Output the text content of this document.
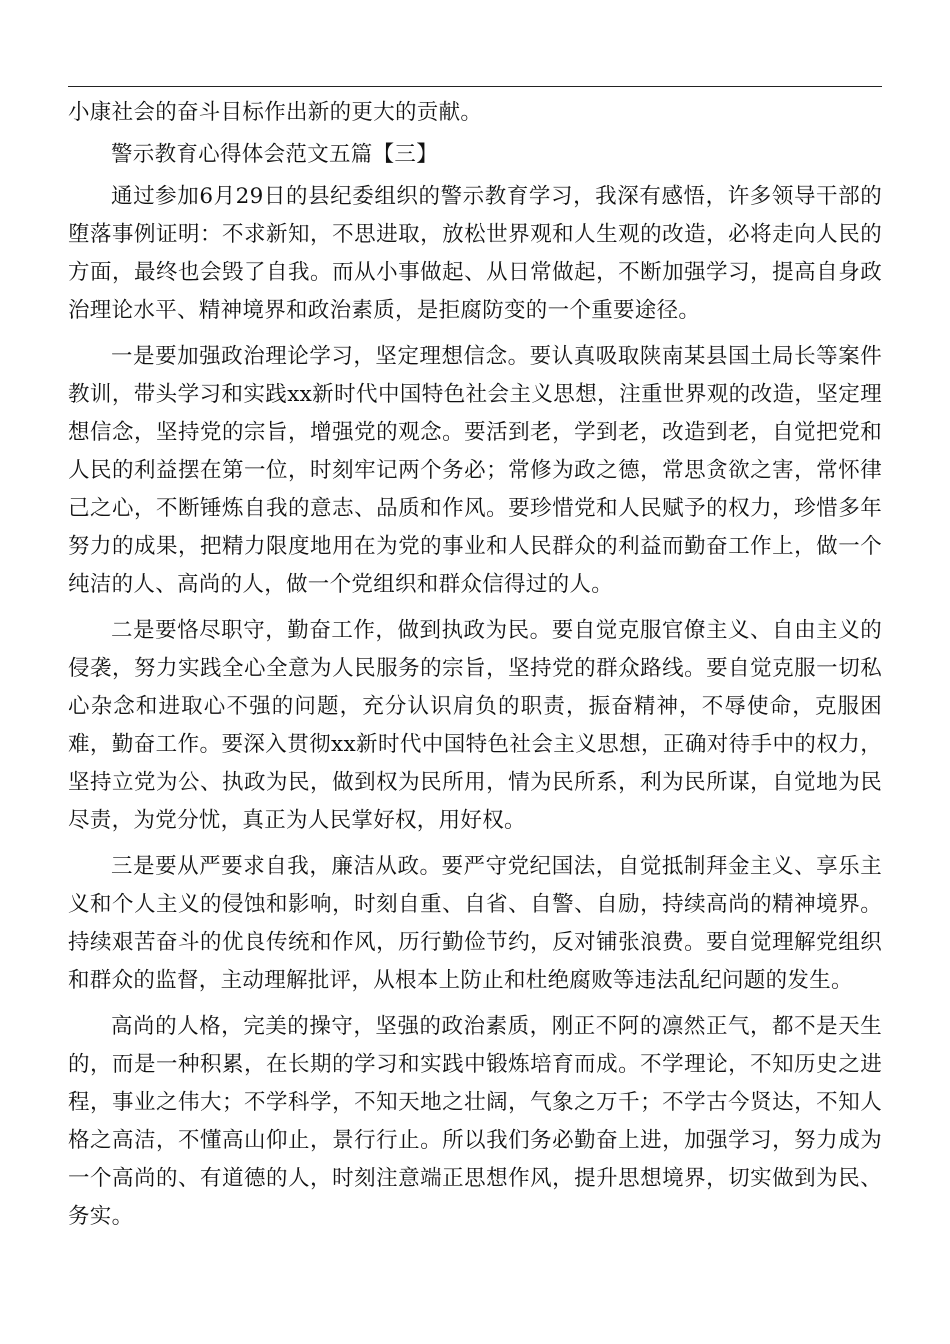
小康社会的奋斗目标作出新的更大的贡献。

警示教育心得体会范文五篇【三】

通过参加6月29日的县纪委组织的警示教育学习，我深有感悟，许多领导干部的堕落事例证明：不求新知，不思进取，放松世界观和人生观的改造，必将走向人民的方面，最终也会毁了自我。而从小事做起、从日常做起，不断加强学习，提高自身政治理论水平、精神境界和政治素质，是拒腐防变的一个重要途径。

一是要加强政治理论学习，坚定理想信念。要认真吸取陕南某县国土局长等案件教训，带头学习和实践xx新时代中国特色社会主义思想，注重世界观的改造，坚定理想信念，坚持党的宗旨，增强党的观念。要活到老，学到老，改造到老，自觉把党和人民的利益摆在第一位，时刻牢记两个务必；常修为政之德，常思贪欲之害，常怀律己之心，不断锤炼自我的意志、品质和作风。要珍惜党和人民赋予的权力，珍惜多年努力的成果，把精力限度地用在为党的事业和人民群众的利益而勤奋工作上，做一个纯洁的人、高尚的人，做一个党组织和群众信得过的人。

二是要恪尽职守，勤奋工作，做到执政为民。要自觉克服官僚主义、自由主义的侵袭，努力实践全心全意为人民服务的宗旨，坚持党的群众路线。要自觉克服一切私心杂念和进取心不强的问题，充分认识肩负的职责，振奋精神，不辱使命，克服困难，勤奋工作。要深入贯彻xx新时代中国特色社会主义思想，正确对待手中的权力，坚持立党为公、执政为民，做到权为民所用，情为民所系，利为民所谋，自觉地为民尽责，为党分忧，真正为人民掌好权，用好权。

三是要从严要求自我，廉洁从政。要严守党纪国法，自觉抵制拜金主义、享乐主义和个人主义的侵蚀和影响，时刻自重、自省、自警、自励，持续高尚的精神境界。持续艰苦奋斗的优良传统和作风，历行勤俭节约，反对铺张浪费。要自觉理解党组织和群众的监督，主动理解批评，从根本上防止和杜绝腐败等违法乱纪问题的发生。

高尚的人格，完美的操守，坚强的政治素质，刚正不阿的凛然正气，都不是天生的，而是一种积累，在长期的学习和实践中锻炼培育而成。不学理论，不知历史之进程，事业之伟大；不学科学，不知天地之壮阔，气象之万千；不学古今贤达，不知人格之高洁，不懂高山仰止，景行行止。所以我们务必勤奋上进，加强学习，努力成为一个高尚的、有道德的人，时刻注意端正思想作风，提升思想境界，切实做到为民、务实。
